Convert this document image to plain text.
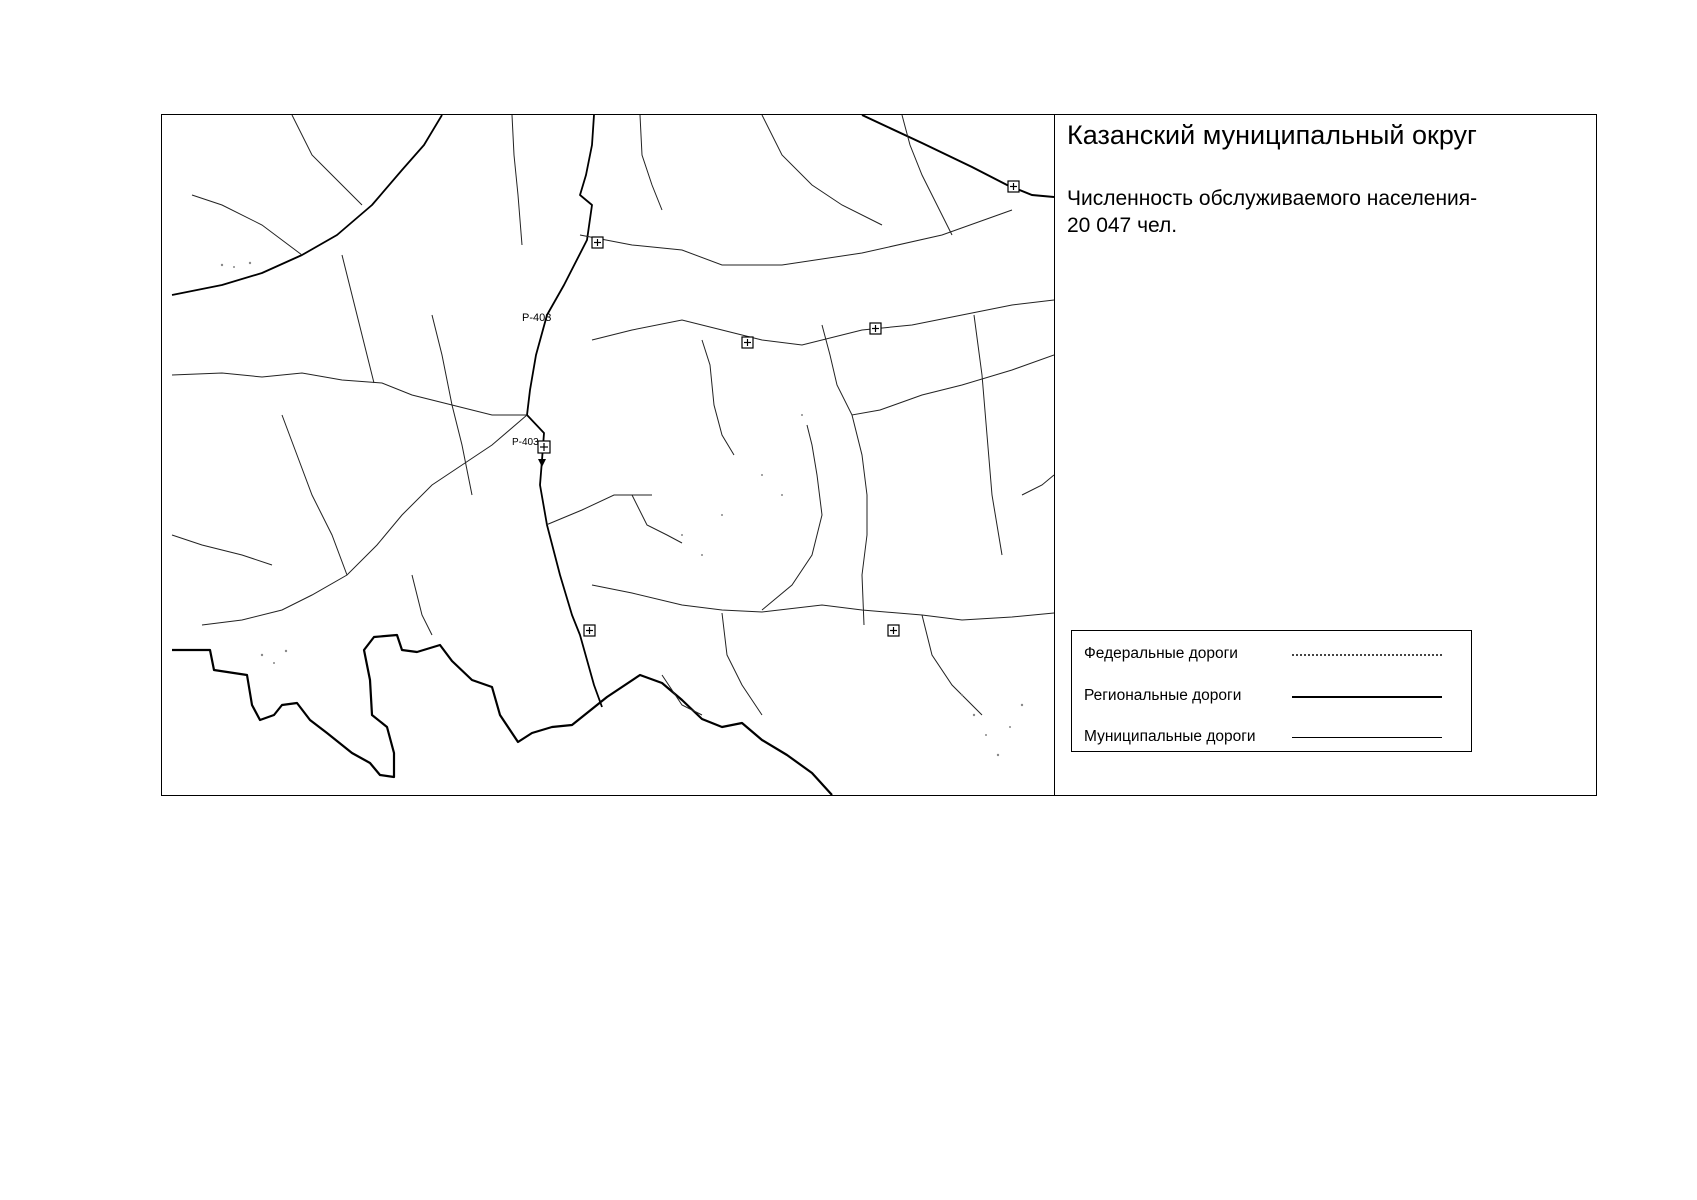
Р-403
Р-403
Казанский муниципальный округ
Численность обслуживаемого населения-
20 047 чел.
Федеральные дороги
Региональные дороги
Муниципальные дороги
